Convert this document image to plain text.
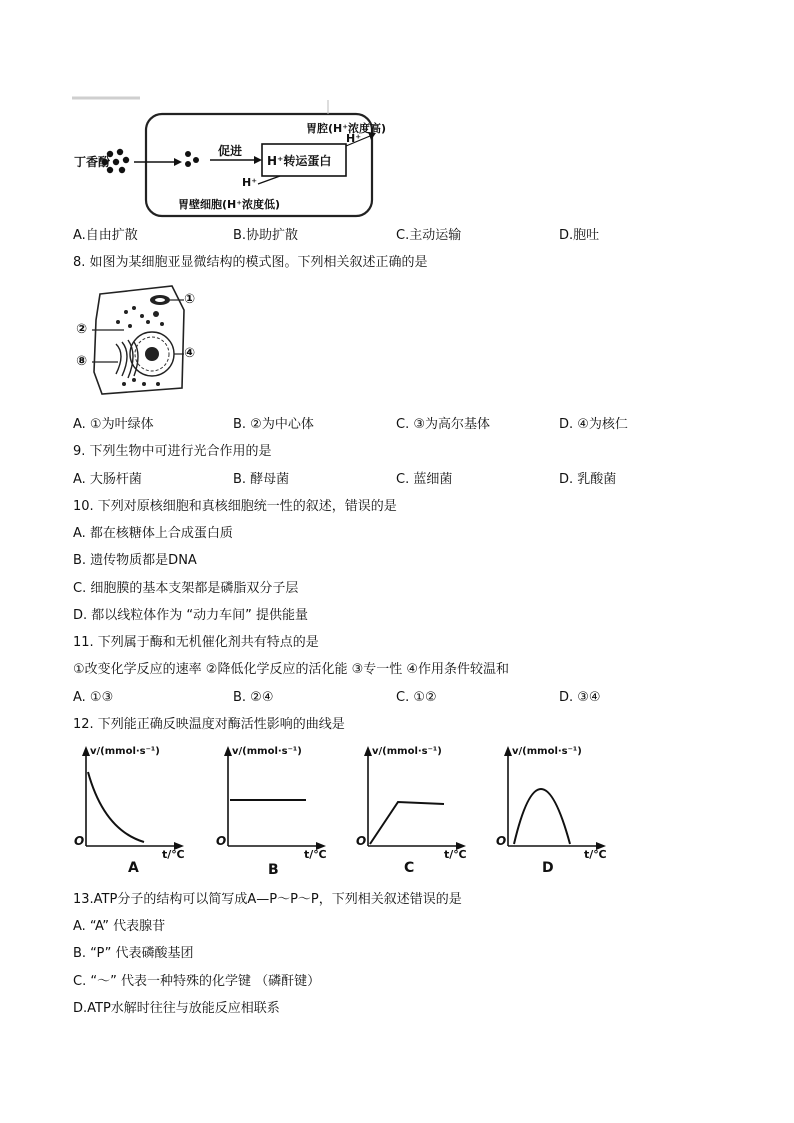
丁香酚
促进
H⁺转运蛋白
胃腔(H⁺浓度高)
H⁺
H⁺
胃壁细胞(H⁺浓度低)
A.自由扩散	B.协助扩散	C.主动运输	D.胞吐
8. 如图为某细胞亚显微结构的模式图。下列相关叙述正确的是
①
②
⑧
④
A. ①为叶绿体	B. ②为中心体	C. ③为高尔基体	D. ④为核仁
9. 下列生物中可进行光合作用的是
A. 大肠杆菌	B. 酵母菌	C. 蓝细菌	D. 乳酸菌
10. 下列对原核细胞和真核细胞统一性的叙述，错误的是
A. 都在核糖体上合成蛋白质
B. 遗传物质都是DNA
C. 细胞膜的基本支架都是磷脂双分子层
D. 都以线粒体作为 “动力车间” 提供能量
11. 下列属于酶和无机催化剂共有特点的是
①改变化学反应的速率 ②降低化学反应的活化能 ③专一性 ④作用条件较温和
A. ①③	B. ②④	C. ①②	D. ③④
12. 下列能正确反映温度对酶活性影响的曲线是
v/(mmol·s⁻¹)
O
t/℃
A
v/(mmol·s⁻¹)
O
t/℃
B
v/(mmol·s⁻¹)
O
t/℃
C
v/(mmol·s⁻¹)
O
t/℃
D
13.ATP分子的结构可以简写成A—P～P～P，下列相关叙述错误的是
A. “A” 代表腺苷
B. “P” 代表磷酸基团
C. “～” 代表一种特殊的化学键 （磷酐键）
D.ATP水解时往往与放能反应相联系
